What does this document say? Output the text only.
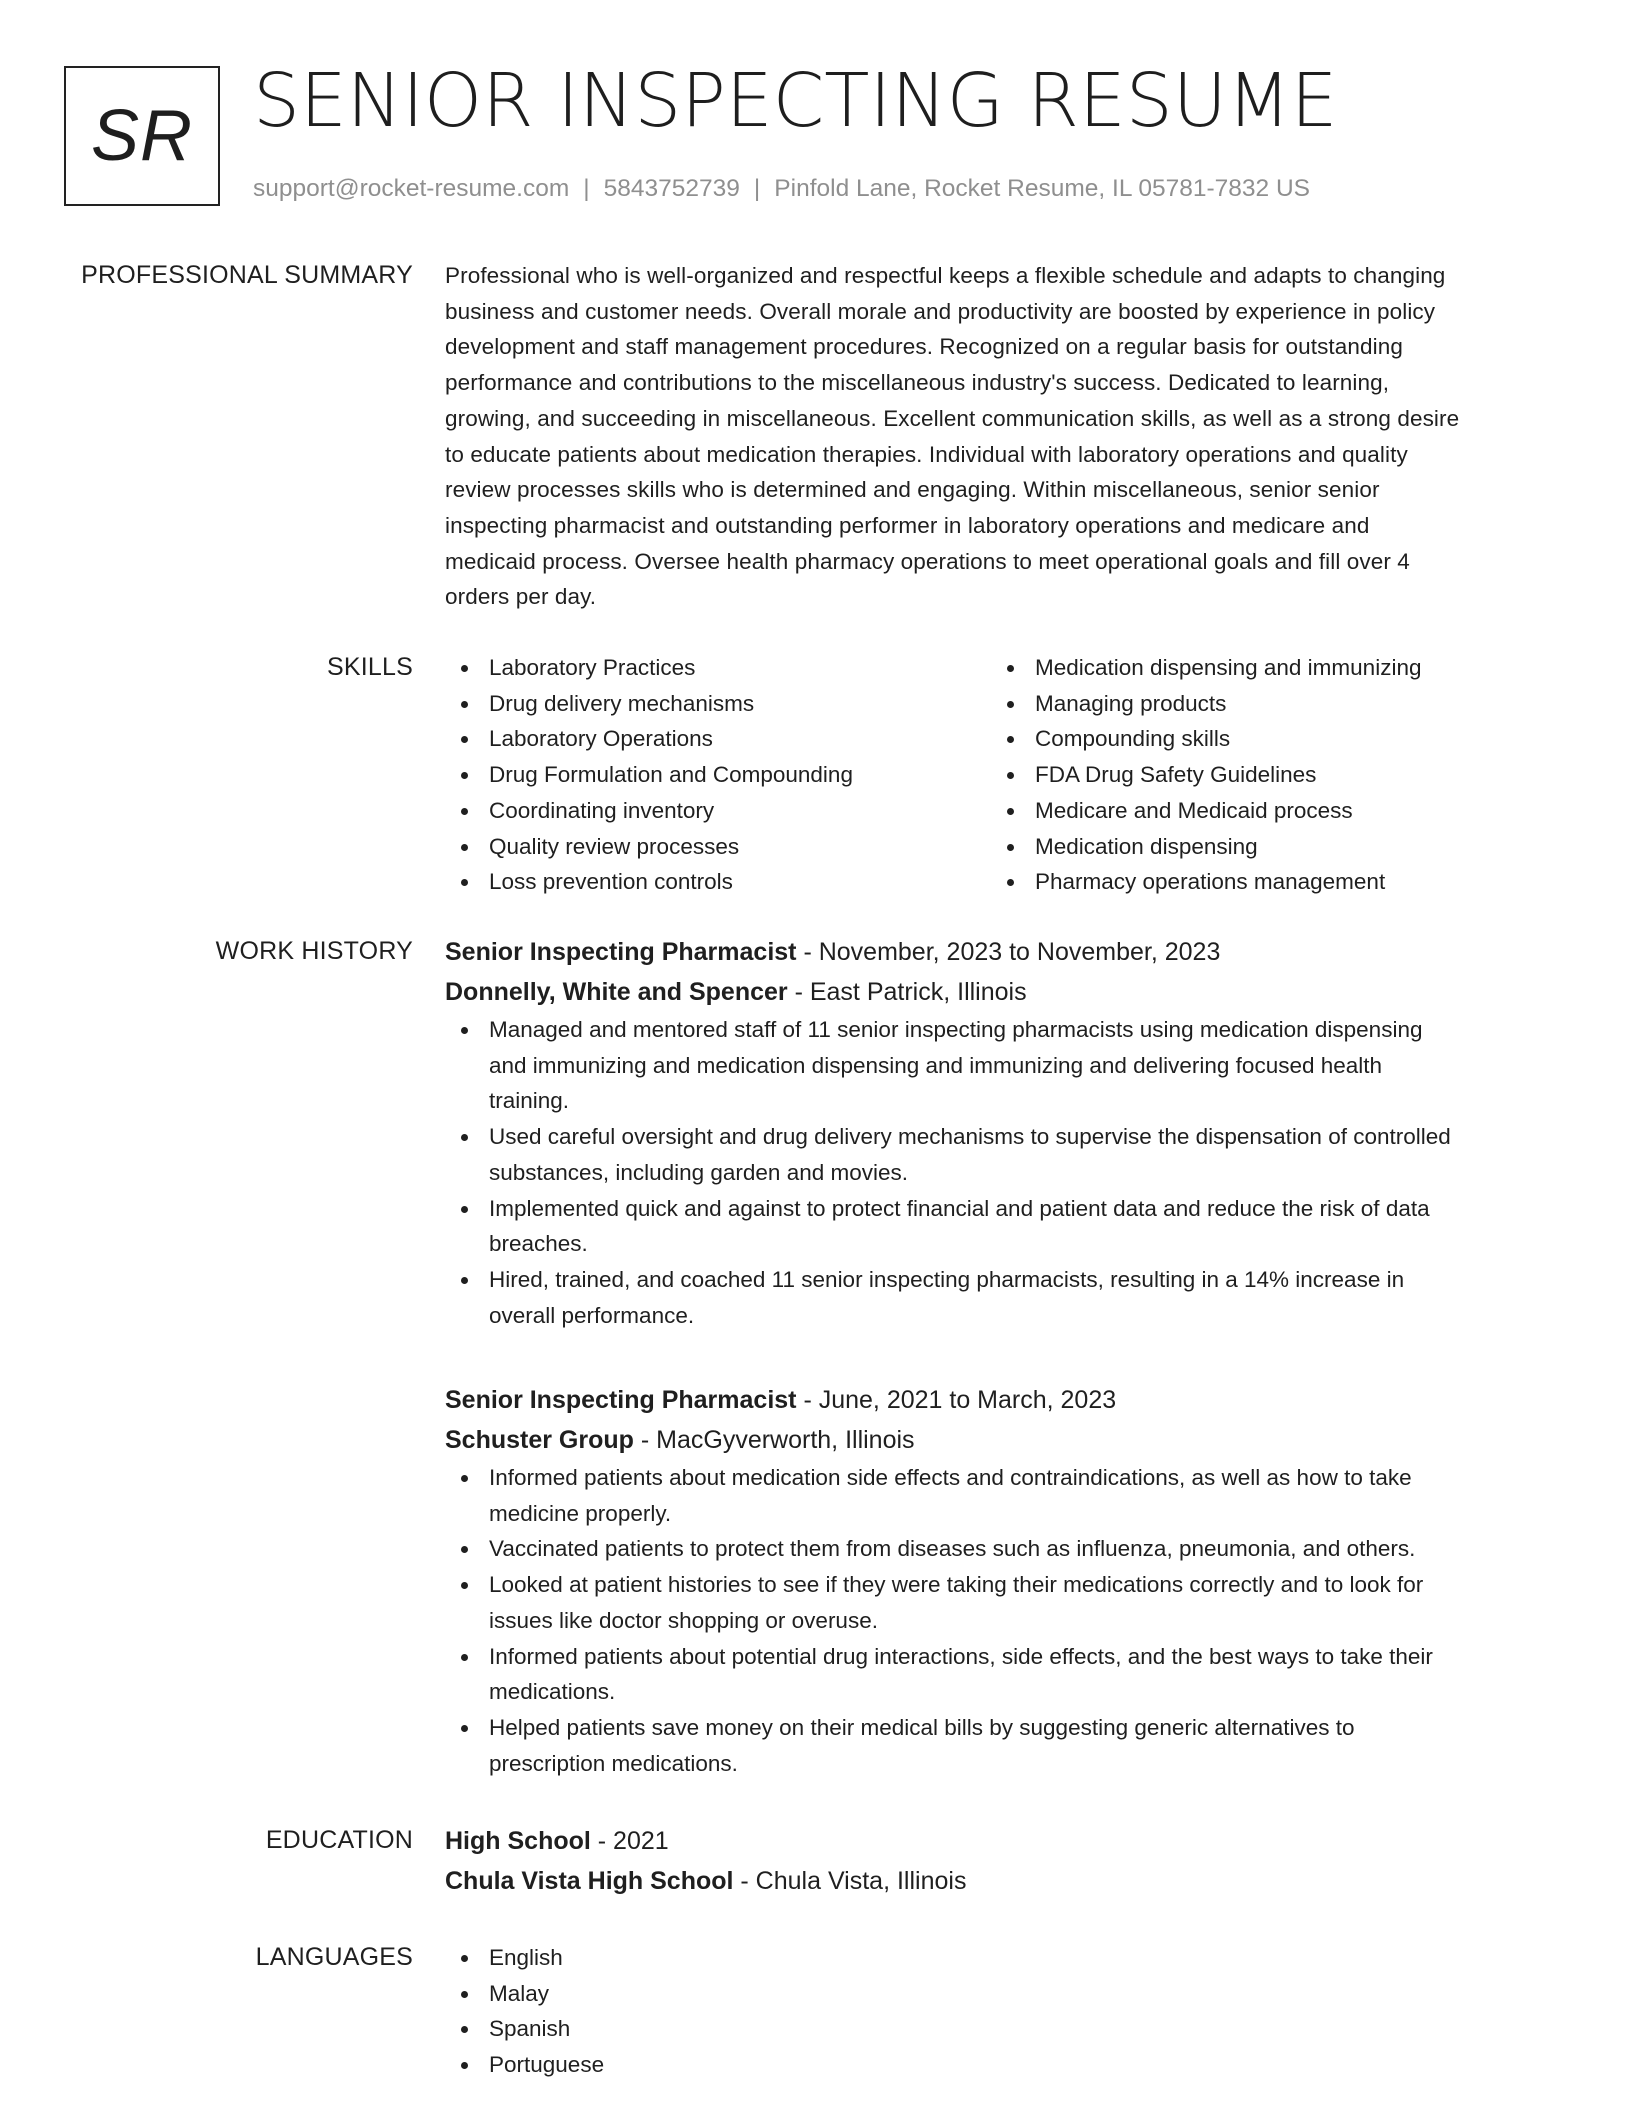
SR SENIOR INSPECTING RESUME
support@rocket-resume.com | 5843752739 | Pinfold Lane, Rocket Resume, IL 05781-7832 US
PROFESSIONAL SUMMARY Professional who is well-organized and respectful keeps a flexible schedule and adapts to changing
business and customer needs. Overall morale and productivity are boosted by experience in policy
development and staff management procedures. Recognized on a regular basis for outstanding
performance and contributions to the miscellaneous industry's success. Dedicated to learning,
growing, and succeeding in miscellaneous. Excellent communication skills, as well as a strong desire
to educate patients about medication therapies. Individual with laboratory operations and quality
review processes skills who is determined and engaging. Within miscellaneous, senior senior
inspecting pharmacist and outstanding performer in laboratory operations and medicare and
medicaid process. Oversee health pharmacy operations to meet operational goals and fill over 4
orders per day.

SKILLS	Laboratory Practices
Drug delivery mechanisms
Laboratory Operations
Drug Formulation and Compounding
Coordinating inventory
Quality review processes
Loss prevention controls
Medication dispensing and immunizing
Managing products
Compounding skills
FDA Drug Safety Guidelines
Medicare and Medicaid process
Medication dispensing
Pharmacy operations management
WORK HISTORY Senior Inspecting Pharmacist - November, 2023 to November, 2023
Donnelly, White and Spencer - East Patrick, Illinois
Managed and mentored staff of 11 senior inspecting pharmacists using medication dispensing
and immunizing and medication dispensing and immunizing and delivering focused health
training.
Used careful oversight and drug delivery mechanisms to supervise the dispensation of controlled
substances, including garden and movies.
Implemented quick and against to protect financial and patient data and reduce the risk of data
breaches.
Hired, trained, and coached 11 senior inspecting pharmacists, resulting in a 14% increase in
overall performance.
Senior Inspecting Pharmacist - June, 2021 to March, 2023
Schuster Group - MacGyverworth, Illinois
Informed patients about medication side effects and contraindications, as well as how to take
medicine properly.
Vaccinated patients to protect them from diseases such as influenza, pneumonia, and others.
Looked at patient histories to see if they were taking their medications correctly and to look for
issues like doctor shopping or overuse.
Informed patients about potential drug interactions, side effects, and the best ways to take their
medications.
Helped patients save money on their medical bills by suggesting generic alternatives to
prescription medications.
EDUCATION High School - 2021
Chula Vista High School - Chula Vista, Illinois
LANGUAGES	English
Malay
Spanish
Portuguese
